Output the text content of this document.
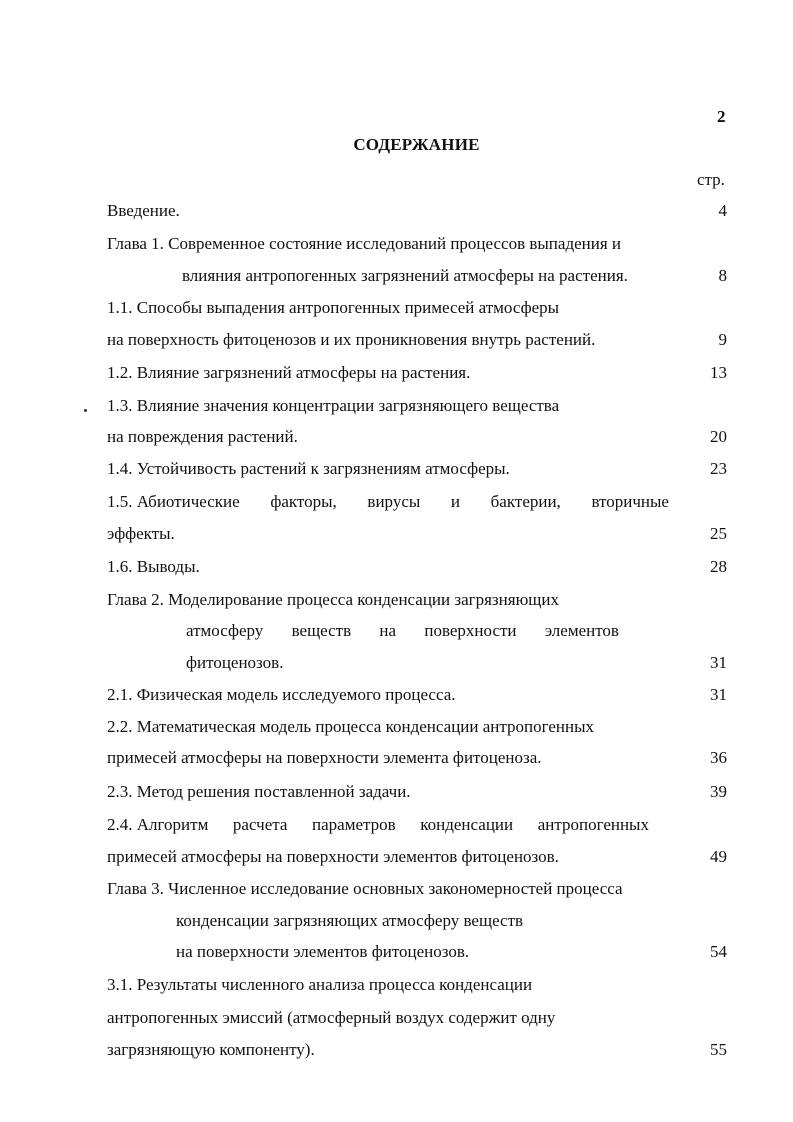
2
СОДЕРЖАНИЕ
стр.
Введение.	4
Глава 1. Современное состояние исследований процессов выпадения и
влияния антропогенных загрязнений атмосферы на растения.	8
1.1. Способы выпадения антропогенных примесей атмосферы
на поверхность фитоценозов и их проникновения внутрь растений.	9
1.2. Влияние загрязнений атмосферы на растения.	13
1.3. Влияние значения концентрации загрязняющего вещества
на повреждения растений.	20
1.4. Устойчивость растений к загрязнениям атмосферы.	23
1.5. Абиотические факторы, вирусы и бактерии, вторичные
эффекты.	25
1.6. Выводы.	28
Глава 2. Моделирование процесса конденсации загрязняющих
атмосферу веществ на поверхности элементов
фитоценозов.	31
2.1. Физическая модель исследуемого процесса.	31
2.2. Математическая модель процесса конденсации антропогенных
примесей атмосферы на поверхности элемента фитоценоза.	36
2.3. Метод решения поставленной задачи.	39
2.4. Алгоритм расчета параметров конденсации антропогенных
примесей атмосферы на поверхности элементов фитоценозов.	49
Глава 3. Численное исследование основных закономерностей процесса
конденсации загрязняющих атмосферу веществ
на поверхности элементов фитоценозов.	54
3.1. Результаты численного анализа процесса конденсации
антропогенных эмиссий (атмосферный воздух содержит одну
загрязняющую компоненту).	55
